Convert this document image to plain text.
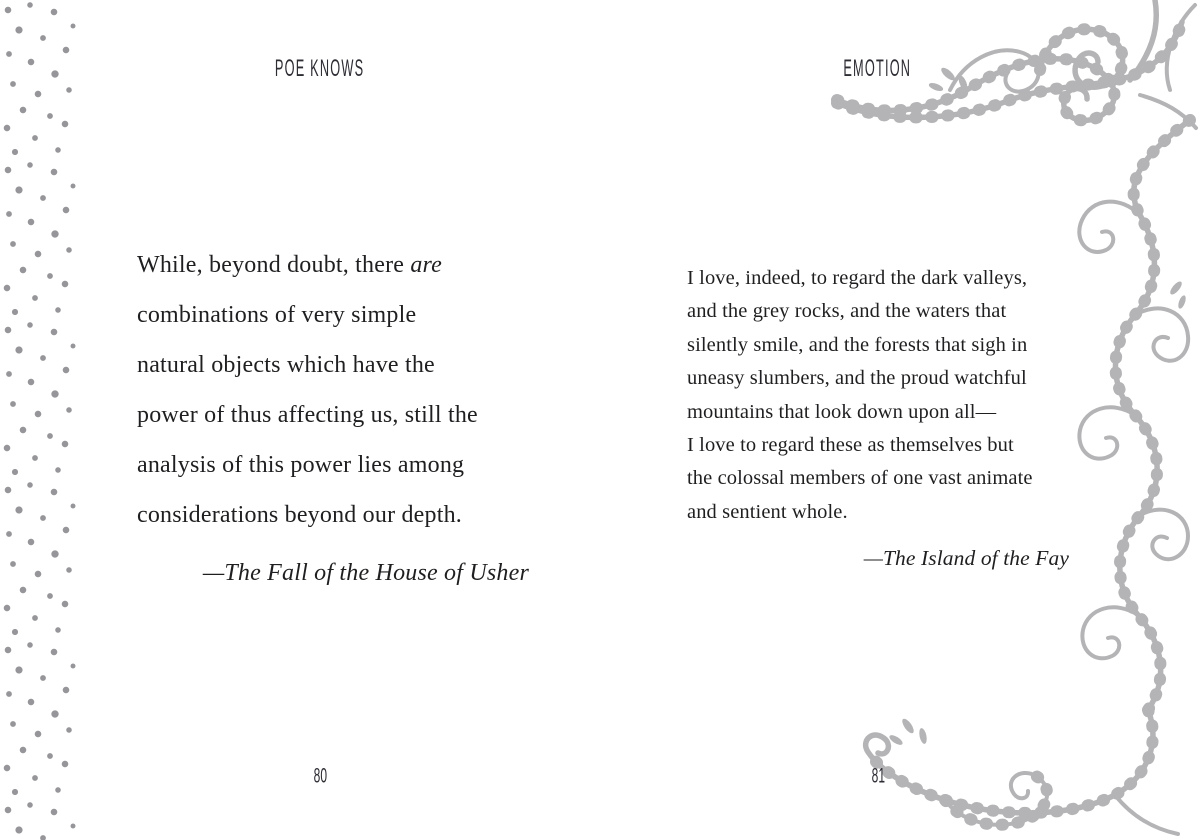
POE KNOWS
While, beyond doubt, there are
combinations of very simple
natural objects which have the
power of thus affecting us, still the
analysis of this power lies among
considerations beyond our depth.
—The Fall of the House of Usher
80
EMOTION
I love, indeed, to regard the dark valleys,
and the grey rocks, and the waters that
silently smile, and the forests that sigh in
uneasy slumbers, and the proud watchful
mountains that look down upon all—
I love to regard these as themselves but
the colossal members of one vast animate
and sentient whole.
—The Island of the Fay
81
